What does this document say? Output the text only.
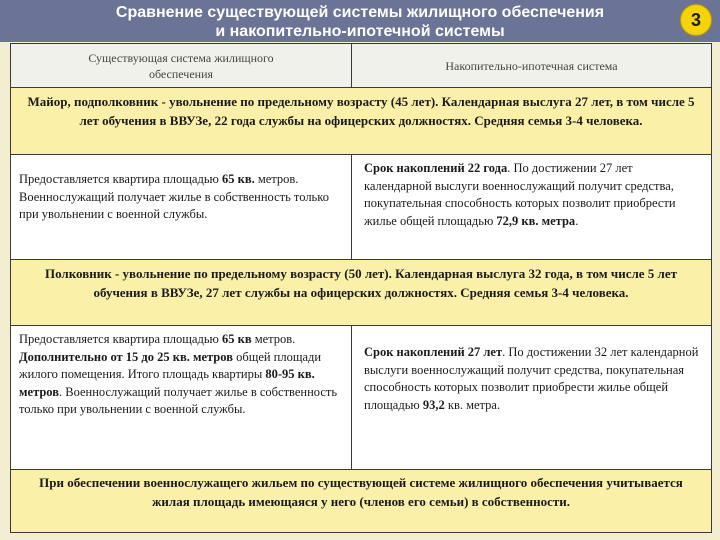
Сравнение существующей системы жилищного обеспечения
и накопительно-ипотечной системы
3
Существующая система жилищного обеспечения
Накопительно-ипотечная система
Майор, подполковник - увольнение по предельному возрасту (45 лет). Календарная выслуга 27 лет, в том числе 5 лет обучения в ВВУЗе, 22 года службы на офицерских должностях. Средняя семья 3-4 человека.
Предоставляется квартира площадью 65 кв. метров. Военнослужащий получает жилье в собственность только при увольнении с военной службы.
Срок накоплений 22 года. По достижении 27 лет календарной выслуги военнослужащий получит средства, покупательная способность которых позволит приобрести жилье общей площадью 72,9 кв. метра.
Полковник - увольнение по предельному возрасту (50 лет). Календарная выслуга 32 года, в том числе 5 лет обучения в ВВУЗе, 27 лет службы на офицерских должностях. Средняя семья 3-4 человека.
Предоставляется квартира площадью 65 кв метров. Дополнительно от 15 до 25 кв. метров общей площади жилого помещения. Итого площадь квартиры 80-95 кв. метров. Военнослужащий получает жилье в собственность только при увольнении с военной службы.
Срок накоплений 27 лет. По достижении 32 лет календарной выслуги военнослужащий получит средства, покупательная способность которых позволит приобрести жилье общей площадью 93,2 кв. метра.
При обеспечении военнослужащего жильем по существующей системе жилищного обеспечения учитывается жилая площадь имеющаяся у него (членов его семьи) в собственности.
